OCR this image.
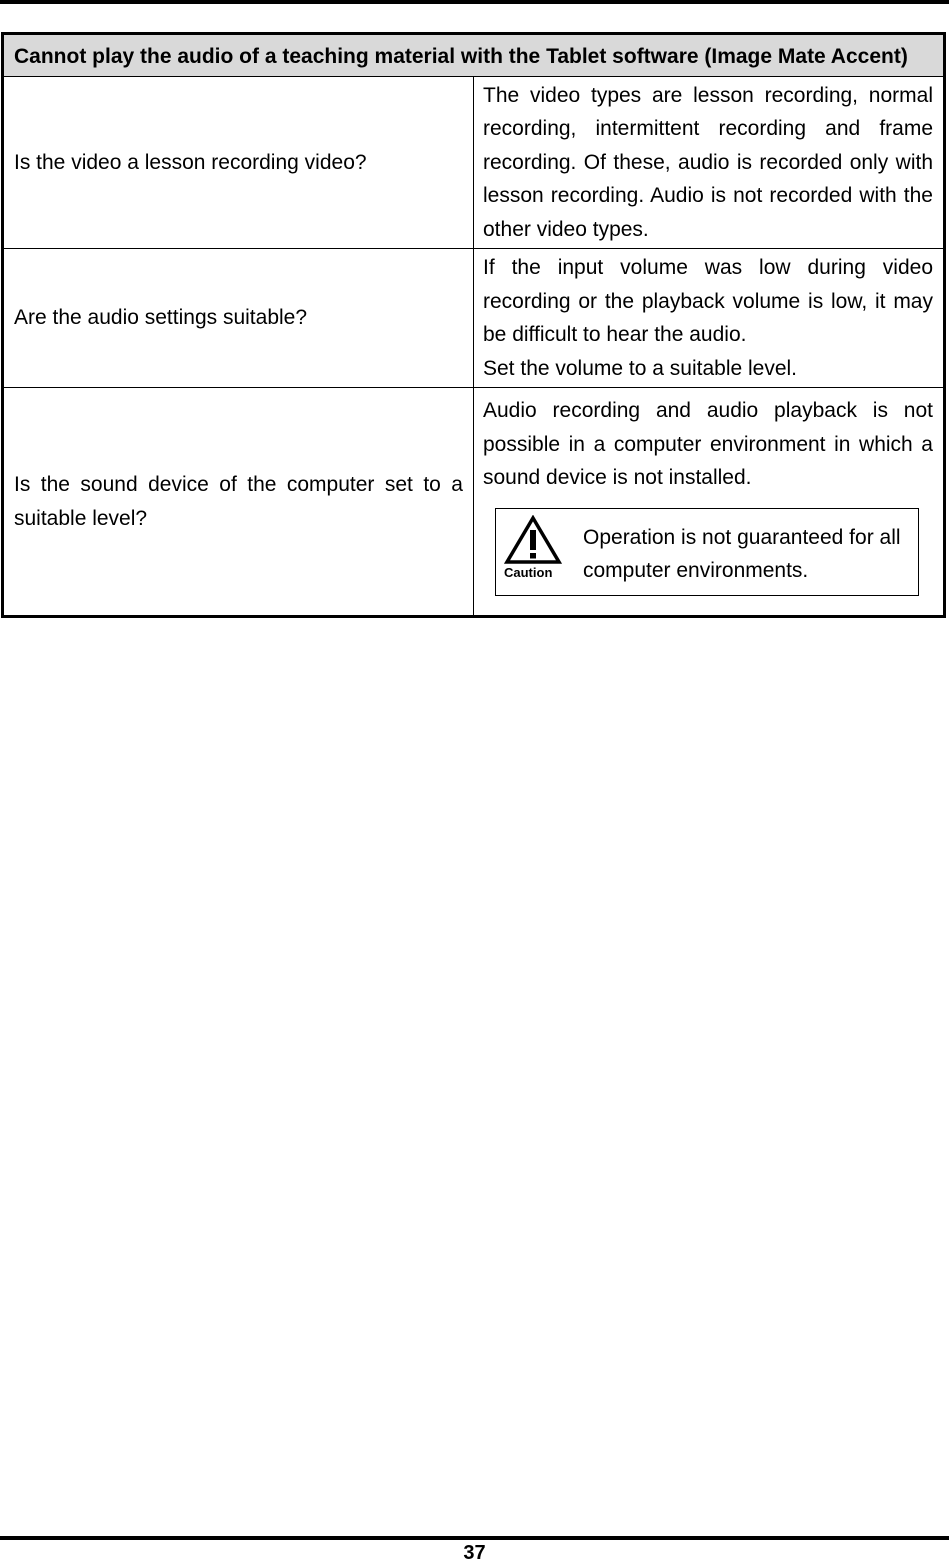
Cannot play the audio of a teaching material with the Tablet software (Image Mate Accent)	
Is the video a lesson recording video?	The video types are lesson recording, normal recording, intermittent recording and frame recording. Of these, audio is recorded only with lesson recording. Audio is not recorded with the other video types.

Are the audio settings suitable?	If the input volume was low during video recording or the playback volume is low, it may be difficult to hear the audio.
Set the volume to a suitable level.

Is the sound device of the computer set to a suitable level?	Audio recording and audio playback is not possible in a computer environment in which a sound device is not installed.
Caution
Operation is not guaranteed for all
computer environments.
37
